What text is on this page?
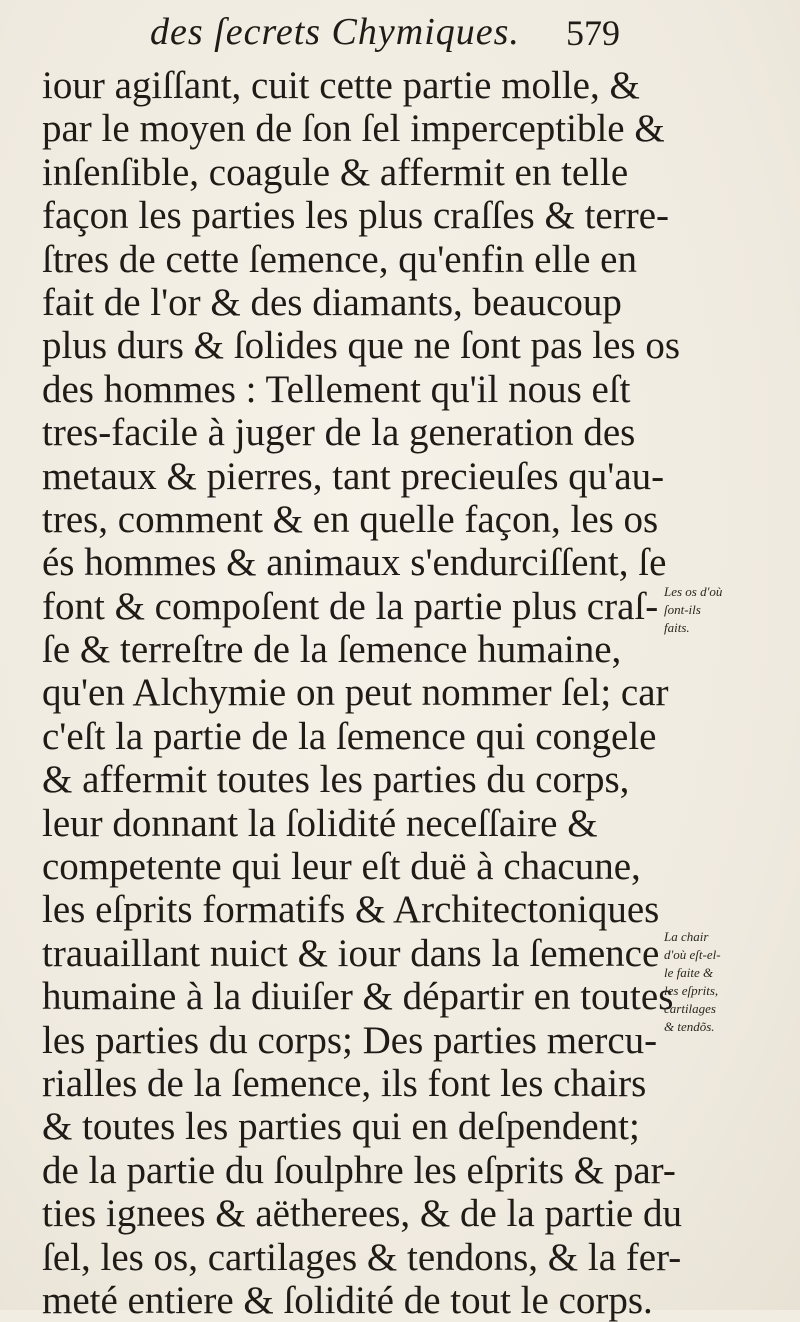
des ſecrets Chymiques. 579
iour agiſſant, cuit cette partie molle, &
par le moyen de ſon ſel imperceptible &
inſenſible, coagule & affermit en telle
façon les parties les plus craſſes & terre-
ſtres de cette ſemence, qu'enfin elle en
fait de l'or & des diamants, beaucoup
plus durs & ſolides que ne ſont pas les os
des hommes : Tellement qu'il nous eſt
tres-facile à juger de la generation des
metaux & pierres, tant precieuſes qu'au-
tres, comment & en quelle façon, les os
és hommes & animaux s'endurciſſent, ſe
font & compoſent de la partie plus craſ-
ſe & terreſtre de la ſemence humaine,
qu'en Alchymie on peut nommer ſel; car
c'eſt la partie de la ſemence qui congele
& affermit toutes les parties du corps,
leur donnant la ſolidité neceſſaire &
competente qui leur eſt duë à chacune,
les eſprits formatifs & Architectoniques
trauaillant nuict & iour dans la ſemence
humaine à la diuiſer & départir en toutes
les parties du corps; Des parties mercu-
rialles de la ſemence, ils font les chairs
& toutes les parties qui en deſpendent;
de la partie du ſoulphre les eſprits & par-
ties ignees & aëtherees, & de la partie du
ſel, les os, cartilages & tendons, & la fer-
meté entiere & ſolidité de tout le corps.
Les os d'où
ſont-ils
faits.
La chair
d'où eſt-el-
le faite &
les eſprits,
cartilages
& tendõs.
